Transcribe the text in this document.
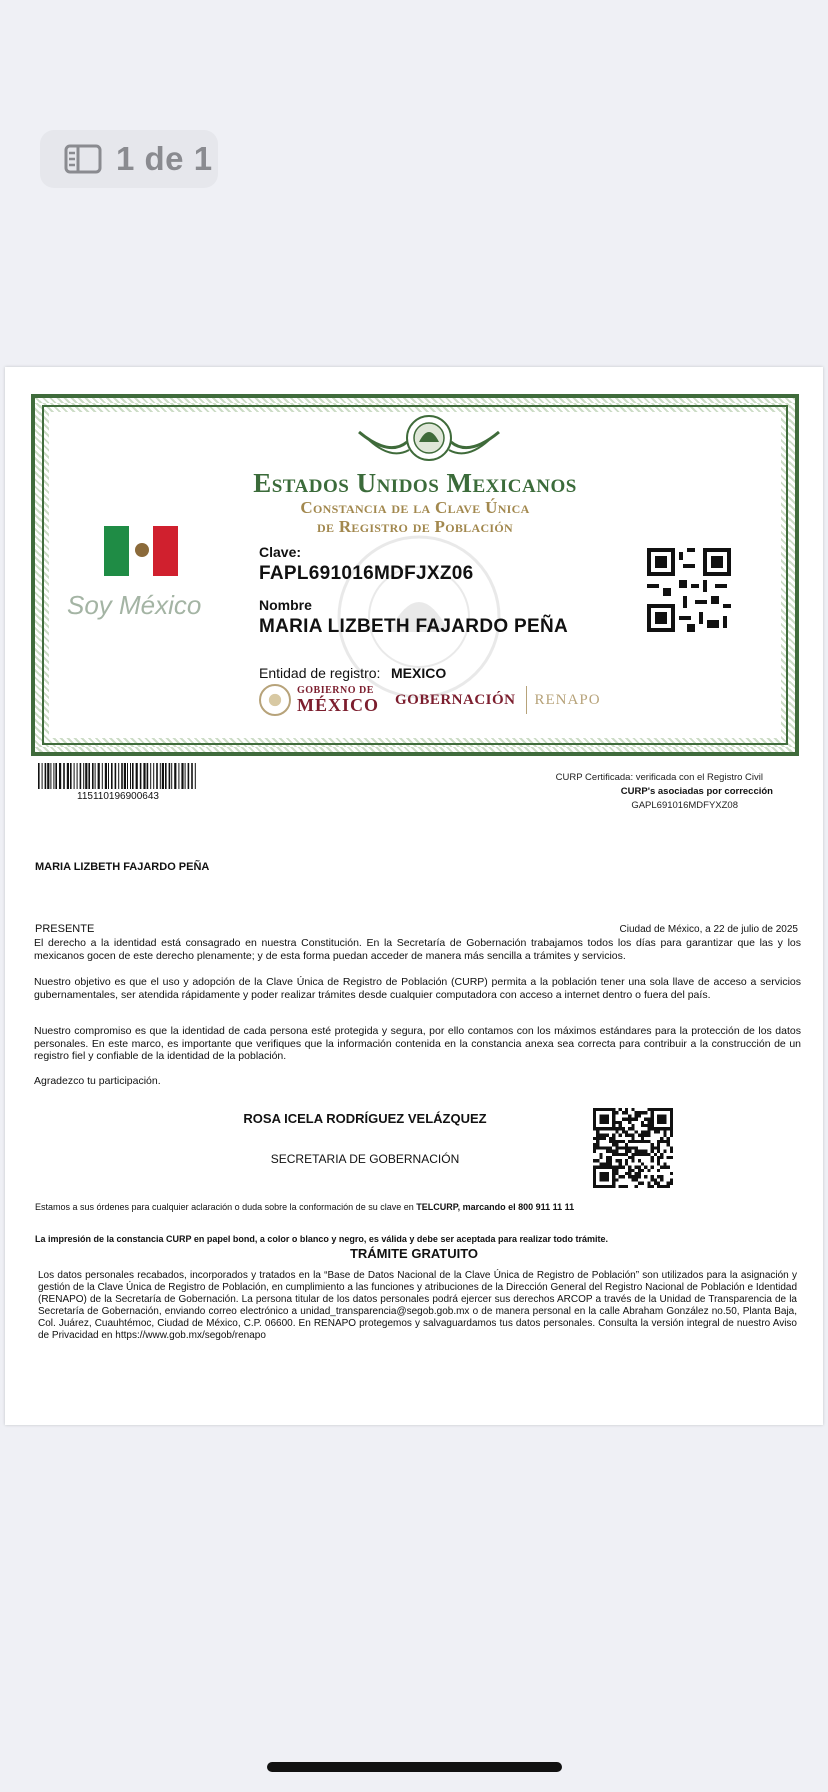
1 de 1
Estados Unidos Mexicanos
Constancia de la Clave Única
de Registro de Población
Soy México
Clave:
FAPL691016MDFJXZ06
Nombre
MARIA LIZBETH FAJARDO PEÑA
Entidad de registro: MEXICO
GOBIERNO DE
MÉXICO GOBERNACIÓN RENAPO
115110196900643
CURP Certificada: verificada con el Registro Civil
CURP's asociadas por corrección
GAPL691016MDFYXZ08
MARIA LIZBETH FAJARDO PEÑA
PRESENTE	Ciudad de México, a 22 de julio de 2025

El derecho a la identidad está consagrado en nuestra Constitución. En la Secretaría de Gobernación trabajamos todos los días para garantizar que las y los mexicanos gocen de este derecho plenamente; y de esta forma puedan acceder de manera más sencilla a trámites y servicios.

Nuestro objetivo es que el uso y adopción de la Clave Única de Registro de Población (CURP) permita a la población tener una sola llave de acceso a servicios gubernamentales, ser atendida rápidamente y poder realizar trámites desde cualquier computadora con acceso a internet dentro o fuera del país.

Nuestro compromiso es que la identidad de cada persona esté protegida y segura, por ello contamos con los máximos estándares para la protección de los datos personales. En este marco, es importante que verifiques que la información contenida en la constancia anexa sea correcta para contribuir a la construcción de un registro fiel y confiable de la identidad de la población.

Agradezco tu participación.

ROSA ICELA RODRÍGUEZ VELÁZQUEZ
SECRETARIA DE GOBERNACIÓN
Estamos a sus órdenes para cualquier aclaración o duda sobre la conformación de su clave en TELCURP, marcando el 800 911 11 11
La impresión de la constancia CURP en papel bond, a color o blanco y negro, es válida y debe ser aceptada para realizar todo trámite.
TRÁMITE GRATUITO

Los datos personales recabados, incorporados y tratados en la “Base de Datos Nacional de la Clave Única de Registro de Población” son utilizados para la asignación y gestión de la Clave Única de Registro de Población, en cumplimiento a las funciones y atribuciones de la Dirección General del Registro Nacional de Población e Identidad (RENAPO) de la Secretaría de Gobernación. La persona titular de los datos personales podrá ejercer sus derechos ARCOP a través de la Unidad de Transparencia de la Secretaría de Gobernación, enviando correo electrónico a unidad_transparencia@segob.gob.mx o de manera personal en la calle Abraham González no.50, Planta Baja, Col. Juárez, Cuauhtémoc, Ciudad de México, C.P. 06600. En RENAPO protegemos y salvaguardamos tus datos personales. Consulta la versión integral de nuestro Aviso de Privacidad en https://www.gob.mx/segob/renapo
